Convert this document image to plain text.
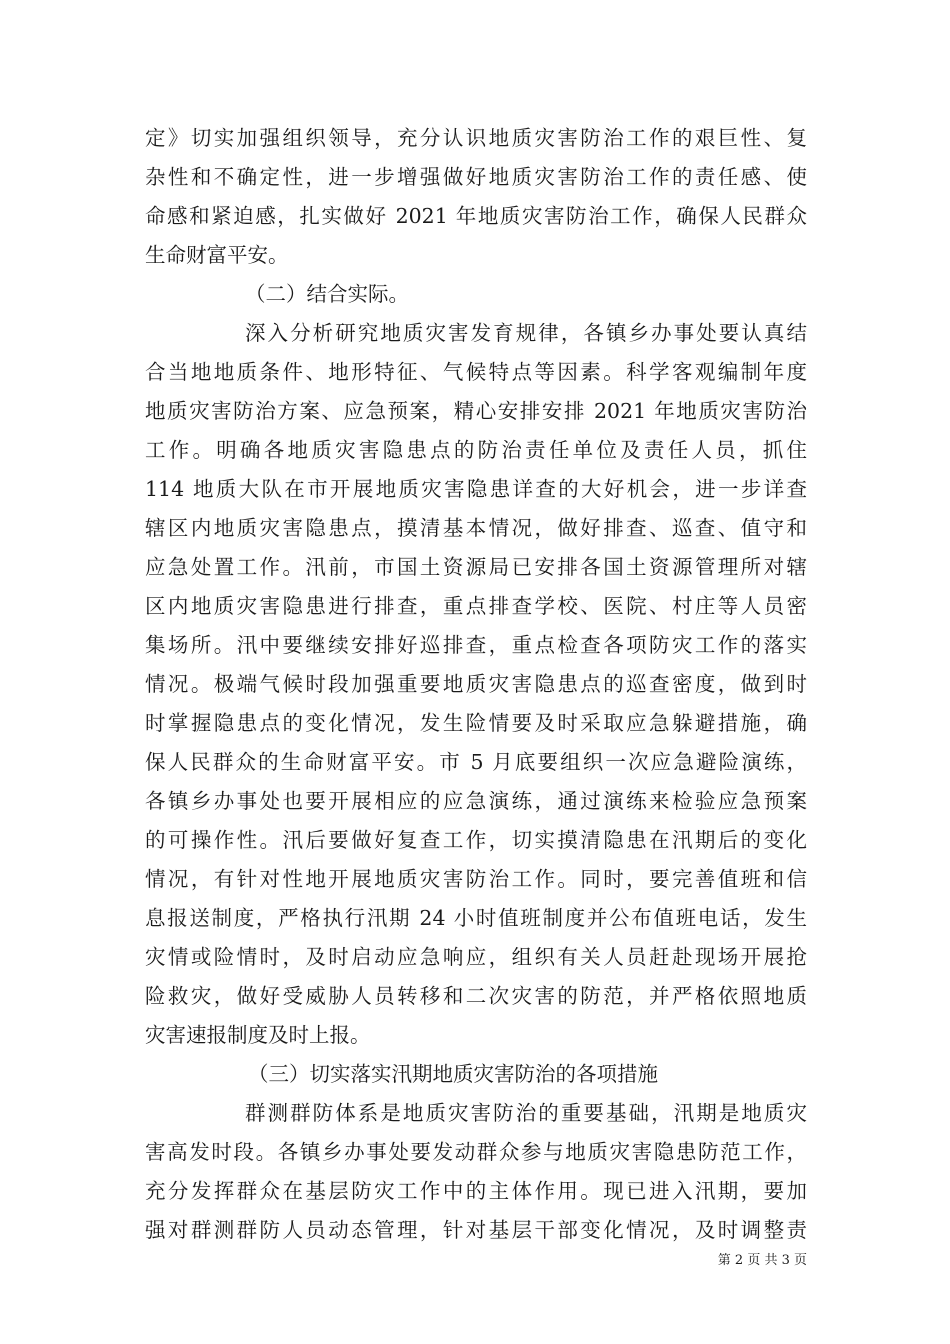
定》切实加强组织领导，充分认识地质灾害防治工作的艰巨性、复
杂性和不确定性，进一步增强做好地质灾害防治工作的责任感、使
命感和紧迫感，扎实做好 2021 年地质灾害防治工作，确保人民群众
生命财富平安。
（二）结合实际。
深入分析研究地质灾害发育规律，各镇乡办事处要认真结
合当地地质条件、地形特征、气候特点等因素。科学客观编制年度
地质灾害防治方案、应急预案，精心安排安排 2021 年地质灾害防治
工作。明确各地质灾害隐患点的防治责任单位及责任人员，抓住
114 地质大队在市开展地质灾害隐患详查的大好机会，进一步详查
辖区内地质灾害隐患点，摸清基本情况，做好排查、巡查、值守和
应急处置工作。汛前，市国土资源局已安排各国土资源管理所对辖
区内地质灾害隐患进行排查，重点排查学校、医院、村庄等人员密
集场所。汛中要继续安排好巡排查，重点检查各项防灾工作的落实
情况。极端气候时段加强重要地质灾害隐患点的巡查密度，做到时
时掌握隐患点的变化情况，发生险情要及时采取应急躲避措施，确
保人民群众的生命财富平安。市 5 月底要组织一次应急避险演练，
各镇乡办事处也要开展相应的应急演练，通过演练来检验应急预案
的可操作性。汛后要做好复查工作，切实摸清隐患在汛期后的变化
情况，有针对性地开展地质灾害防治工作。同时，要完善值班和信
息报送制度，严格执行汛期 24 小时值班制度并公布值班电话，发生
灾情或险情时，及时启动应急响应，组织有关人员赶赴现场开展抢
险救灾，做好受威胁人员转移和二次灾害的防范，并严格依照地质
灾害速报制度及时上报。
（三）切实落实汛期地质灾害防治的各项措施
群测群防体系是地质灾害防治的重要基础，汛期是地质灾
害高发时段。各镇乡办事处要发动群众参与地质灾害隐患防范工作，
充分发挥群众在基层防灾工作中的主体作用。现已进入汛期，要加
强对群测群防人员动态管理，针对基层干部变化情况，及时调整责
第 2 页 共 3 页
